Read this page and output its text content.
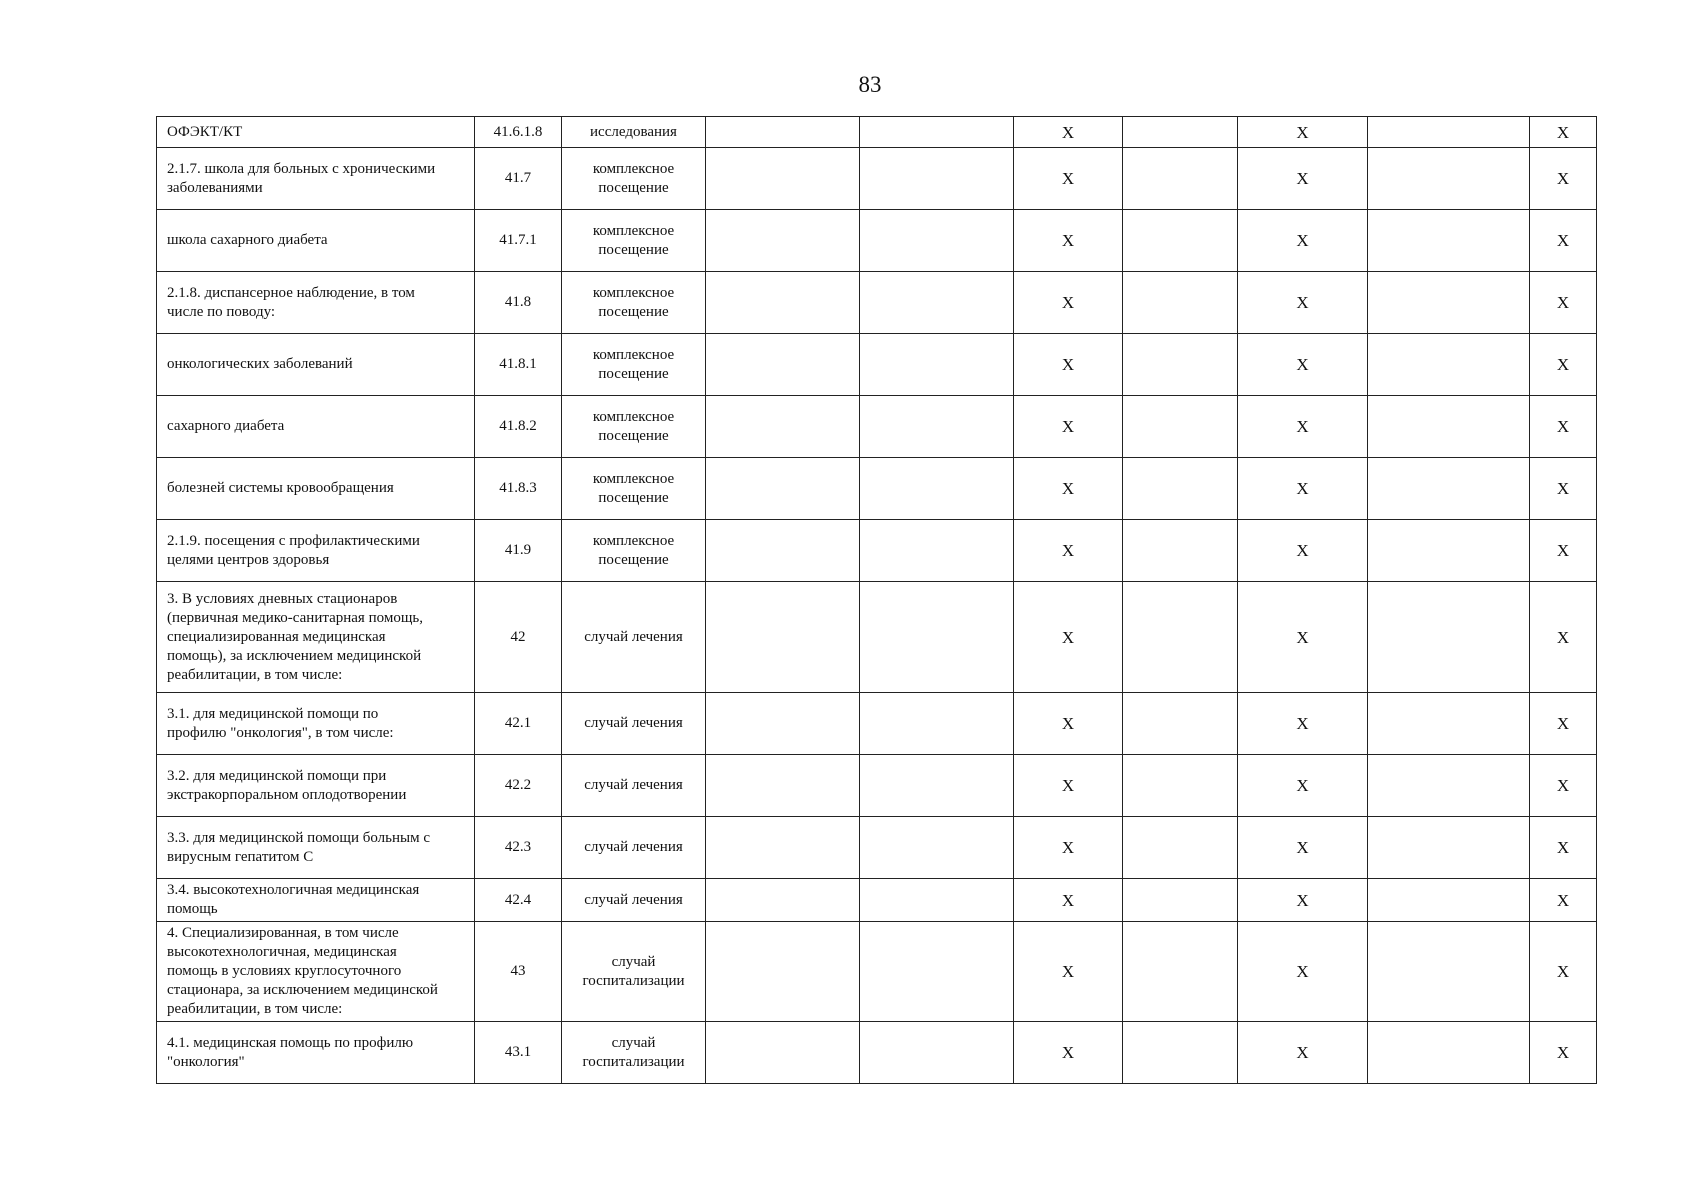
83
ОФЭКТ/КТ	41.6.1.8	исследования			X		X		X
2.1.7. школа для больных с хроническими
заболеваниями	41.7	комплексное
посещение			X		X		X
школа сахарного диабета	41.7.1	комплексное
посещение			X		X		X
2.1.8. диспансерное наблюдение, в том
числе по поводу:	41.8	комплексное
посещение			X		X		X
онкологических заболеваний	41.8.1	комплексное
посещение			X		X		X
сахарного диабета	41.8.2	комплексное
посещение			X		X		X
болезней системы кровообращения	41.8.3	комплексное
посещение			X		X		X
2.1.9. посещения с профилактическими
целями центров здоровья	41.9	комплексное
посещение			X		X		X
3. В условиях дневных стационаров
(первичная медико-санитарная помощь,
специализированная медицинская
помощь), за исключением медицинской
реабилитации, в том числе:	42	случай лечения			X		X		X
3.1. для медицинской помощи по
профилю "онкология", в том числе:	42.1	случай лечения			X		X		X
3.2. для медицинской помощи при
экстракорпоральном оплодотворении	42.2	случай лечения			X		X		X
3.3. для медицинской помощи больным с
вирусным гепатитом С	42.3	случай лечения			X		X		X
3.4. высокотехнологичная медицинская
помощь	42.4	случай лечения			X		X		X
4. Специализированная, в том числе
высокотехнологичная, медицинская
помощь в условиях круглосуточного
стационара, за исключением медицинской
реабилитации, в том числе:	43	случай
госпитализации			X		X		X
4.1. медицинская помощь по профилю
"онкология"	43.1	случай
госпитализации			X		X		X
